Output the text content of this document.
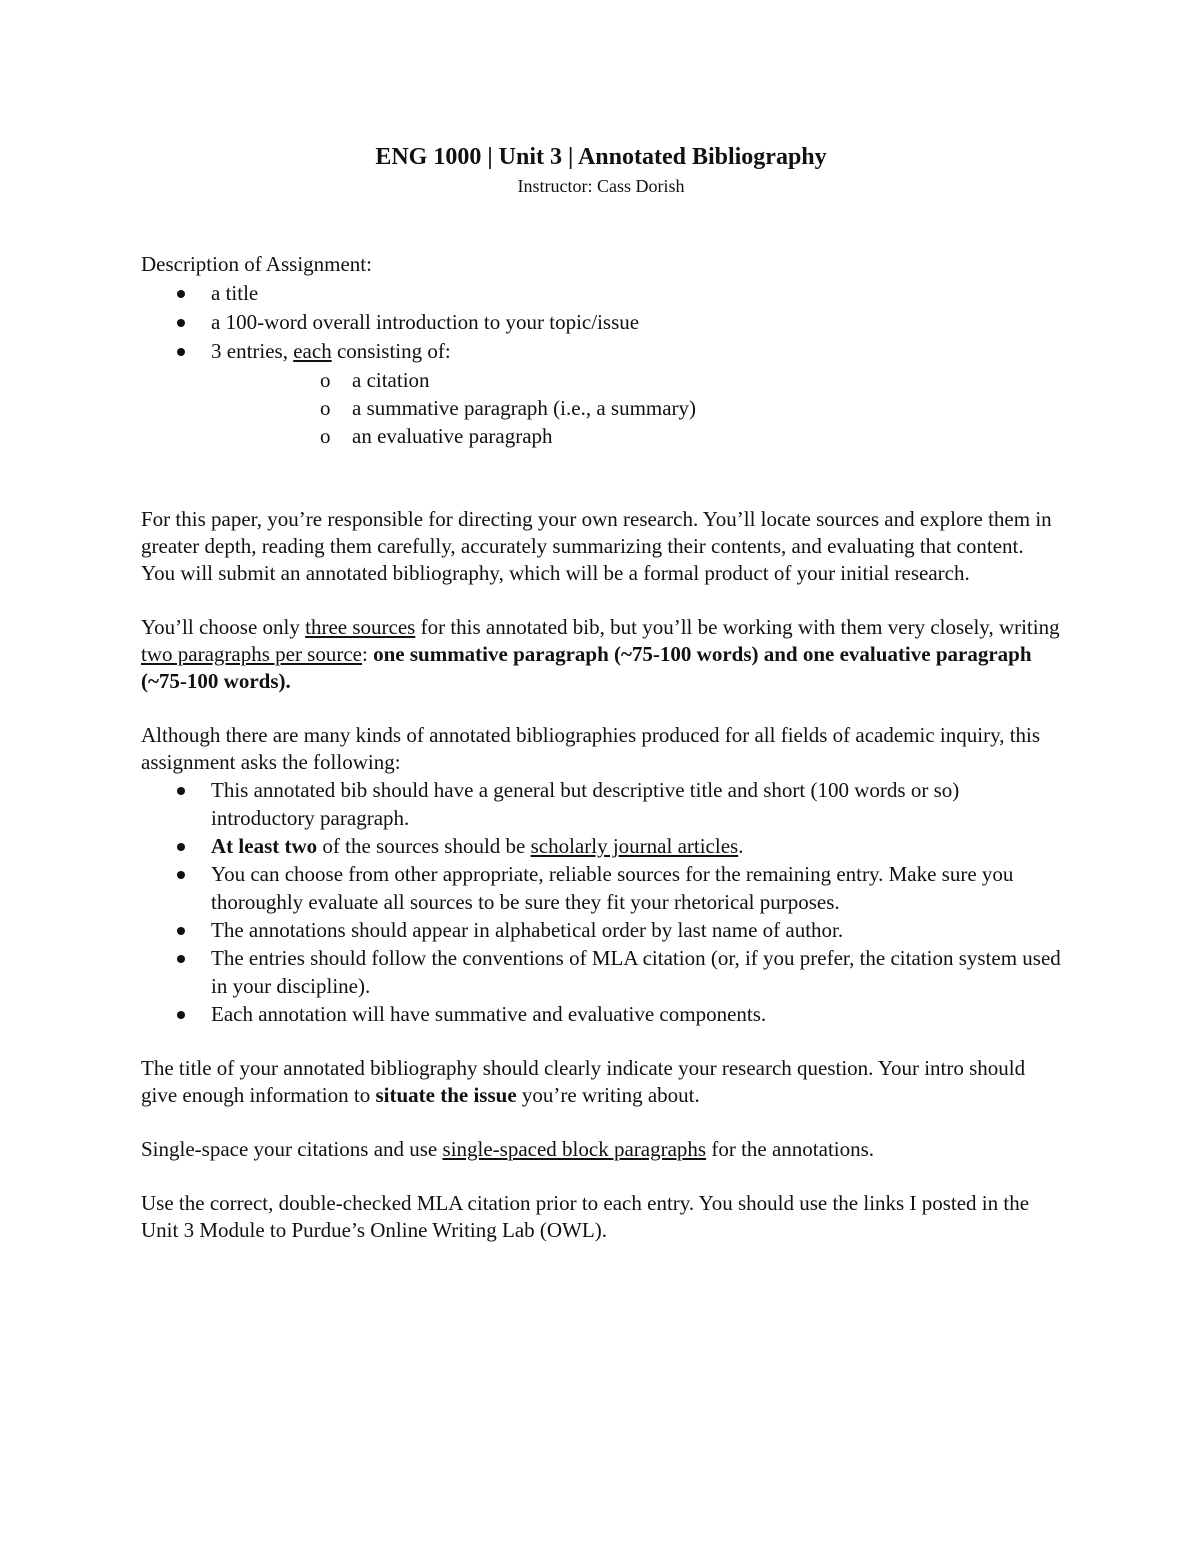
ENG 1000 | Unit 3 | Annotated Bibliography

Instructor: Cass Dorish

Description of Assignment:

a title
a 100-word overall introduction to your topic/issue
3 entries, each consisting of:
o a citation
o a summative paragraph (i.e., a summary)
o an evaluative paragraph

For this paper, you’re responsible for directing your own research. You’ll locate sources and explore them in greater depth, reading them carefully, accurately summarizing their contents, and evaluating that content. You will submit an annotated bibliography, which will be a formal product of your initial research.

You’ll choose only three sources for this annotated bib, but you’ll be working with them very closely, writing two paragraphs per source: one summative paragraph (~75-100 words) and one evaluative paragraph (~75-100 words).

Although there are many kinds of annotated bibliographies produced for all fields of academic inquiry, this assignment asks the following:

This annotated bib should have a general but descriptive title and short (100 words or so) introductory paragraph.
At least two of the sources should be scholarly journal articles.
You can choose from other appropriate, reliable sources for the remaining entry. Make sure you thoroughly evaluate all sources to be sure they fit your rhetorical purposes.
The annotations should appear in alphabetical order by last name of author.
The entries should follow the conventions of MLA citation (or, if you prefer, the citation system used in your discipline).
Each annotation will have summative and evaluative components.

The title of your annotated bibliography should clearly indicate your research question. Your intro should give enough information to situate the issue you’re writing about.

Single-space your citations and use single-spaced block paragraphs for the annotations.

Use the correct, double-checked MLA citation prior to each entry. You should use the links I posted in the Unit 3 Module to Purdue’s Online Writing Lab (OWL).
